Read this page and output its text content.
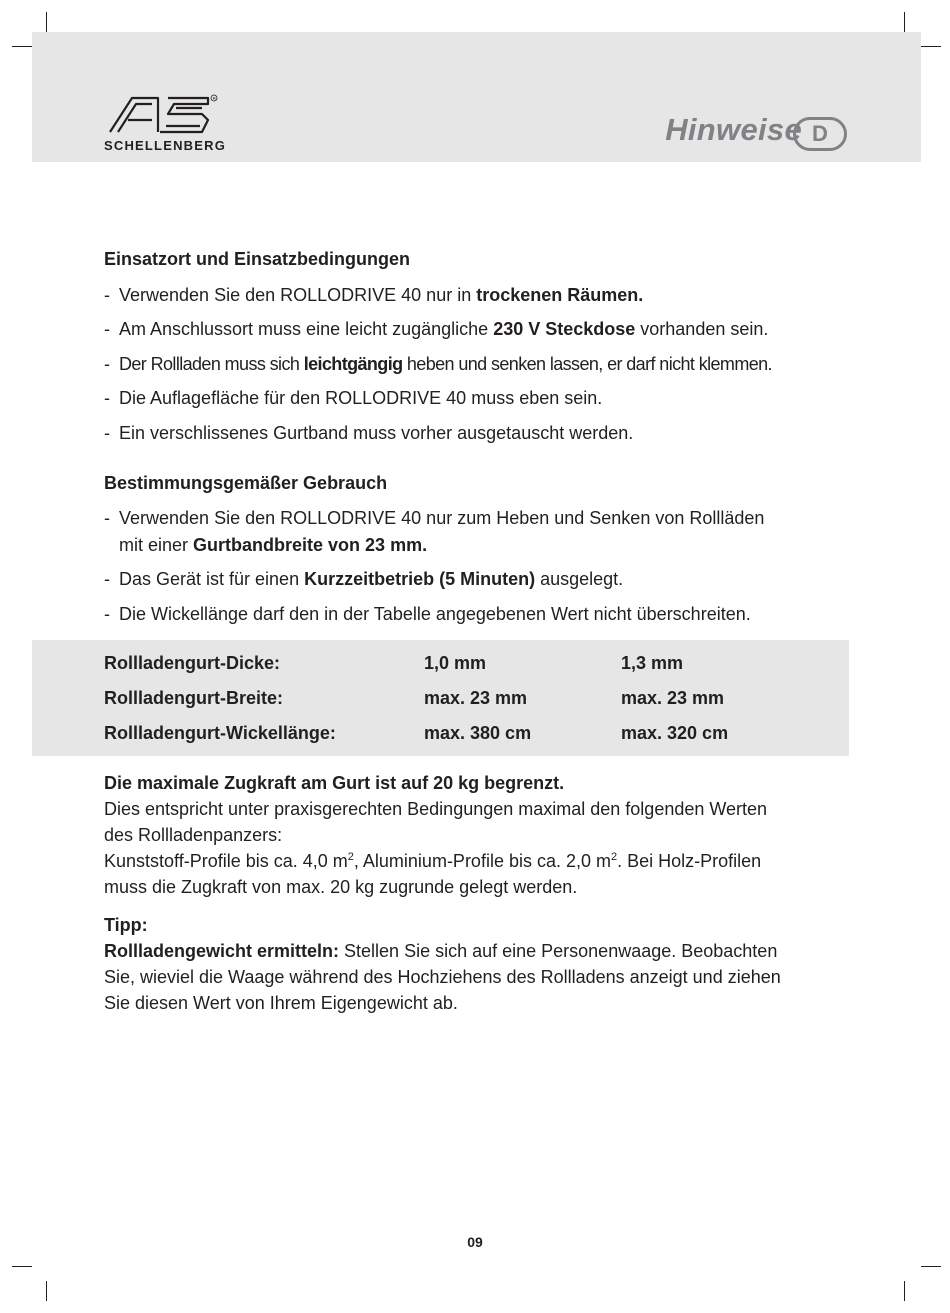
R
SCHELLENBERG	Hinweise D
Einsatzort und Einsatzbedingungen
- Verwenden Sie den ROLLODRIVE 40 nur in trockenen Räumen.
- Am Anschlussort muss eine leicht zugängliche 230 V Steckdose vorhanden sein.
- Der Rollladen muss sich leichtgängig heben und senken lassen, er darf nicht klemmen.
- Die Auflagefläche für den ROLLODRIVE 40 muss eben sein.
- Ein verschlissenes Gurtband muss vorher ausgetauscht werden.
Bestimmungsgemäßer Gebrauch
- Verwenden Sie den ROLLODRIVE 40 nur zum Heben und Senken von Rollläden
mit einer Gurtbandbreite von 23 mm.
- Das Gerät ist für einen Kurzzeitbetrieb (5 Minuten) ausgelegt.
- Die Wickellänge darf den in der Tabelle angegebenen Wert nicht überschreiten.
Rollladengurt-Dicke:	1,0 mm	1,3 mm
Rollladengurt-Breite:	max. 23 mm	max. 23 mm
Rollladengurt-Wickellänge:	max. 380 cm	max. 320 cm
Die maximale Zugkraft am Gurt ist auf 20 kg begrenzt.
Dies entspricht unter praxisgerechten Bedingungen maximal den folgenden Werten
des Rollladenpanzers:
Kunststoff-Profile bis ca. 4,0 $m^2$, Aluminium-Profile bis ca. 2,0 $m^2$. Bei Holz-Profilen
muss die Zugkraft von max. 20 kg zugrunde gelegt werden.
Tipp:
Rollladengewicht ermitteln: Stellen Sie sich auf eine Personenwaage. Beobachten
Sie, wieviel die Waage während des Hochziehens des Rollladens anzeigt und ziehen
Sie diesen Wert von Ihrem Eigengewicht ab.
09
